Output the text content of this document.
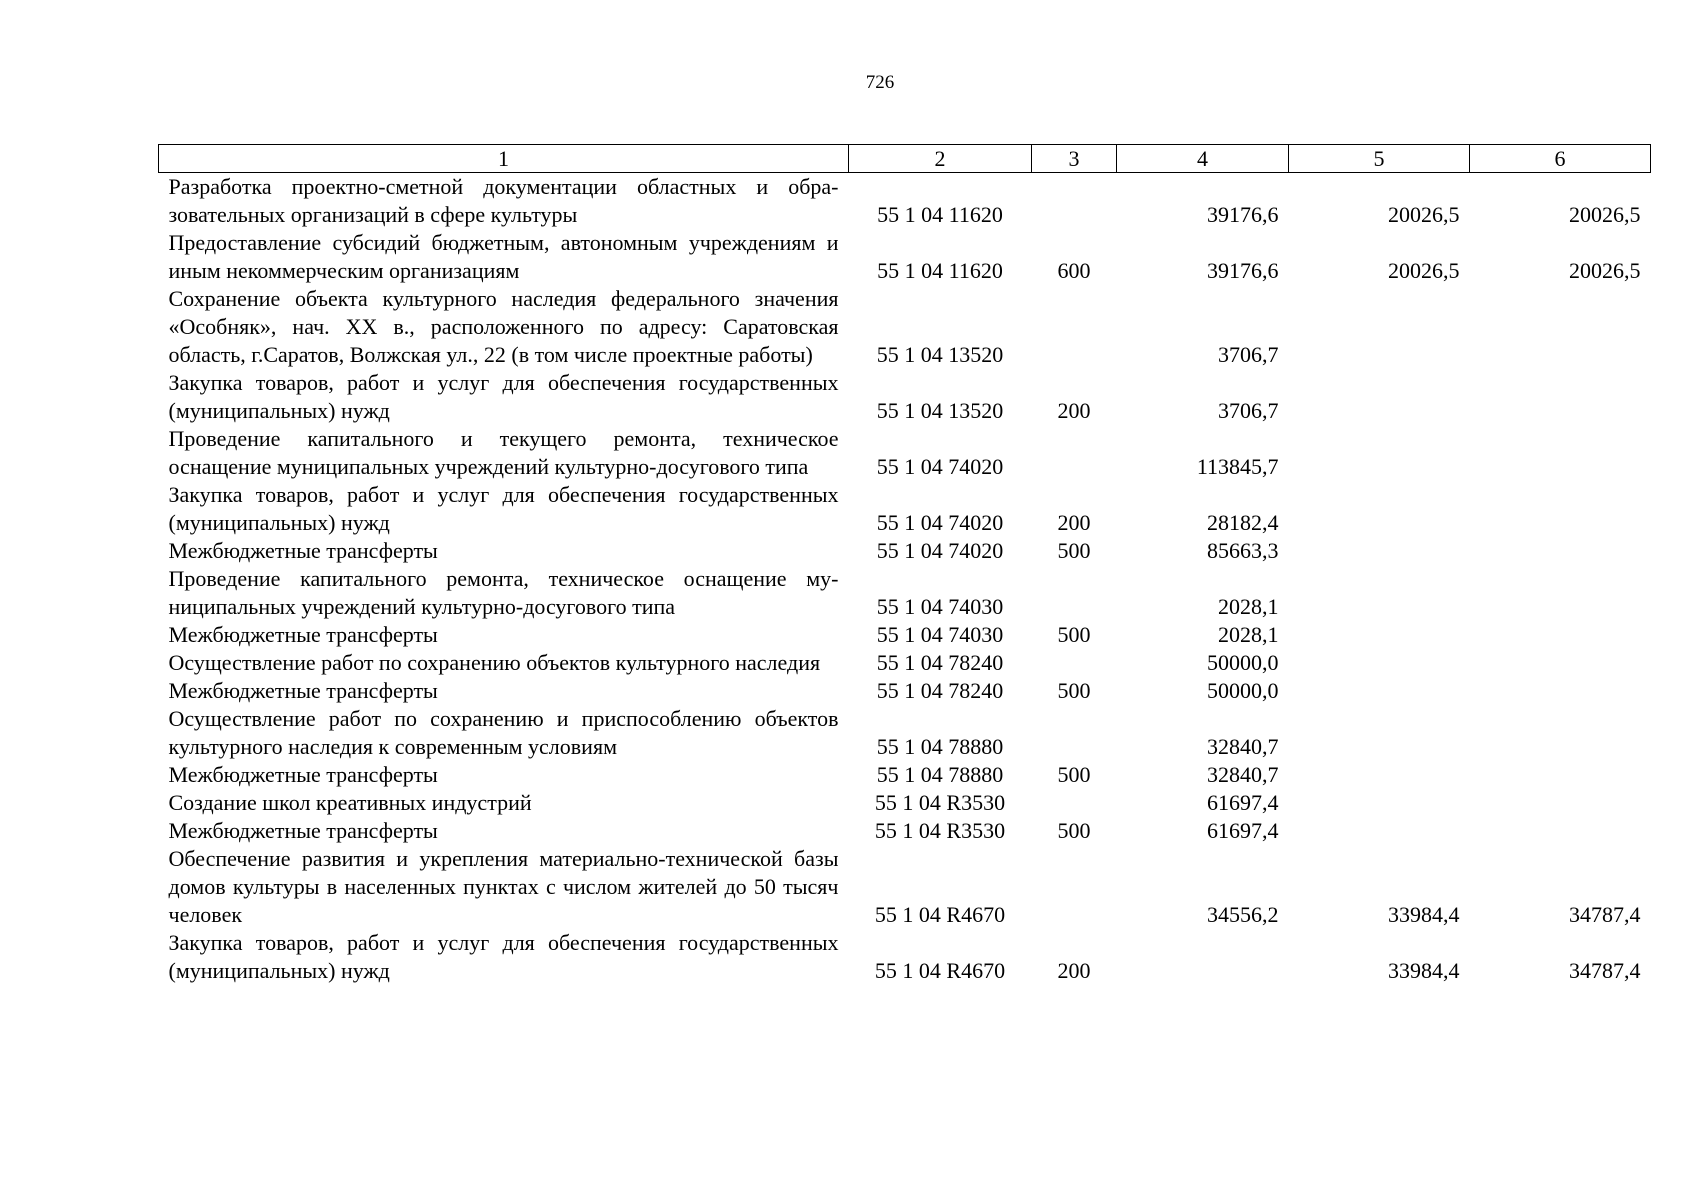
726
1	2	3	4	5	6
Разработка проектно-сметной документации областных и образовательных организаций в сфере культуры	55 1 04 11620		39176,6	20026,5	20026,5
Предоставление субсидий бюджетным, автономным учреждениям и иным некоммерческим организациям	55 1 04 11620	600	39176,6	20026,5	20026,5
Сохранение объекта культурного наследия федерального значения «Особняк», нач. XX в., расположенного по адресу: Саратовская область, г.Саратов, Волжская ул., 22 (в том числе проектные работы)	55 1 04 13520		3706,7		
Закупка товаров, работ и услуг для обеспечения государственных (муниципальных) нужд	55 1 04 13520	200	3706,7		
Проведение капитального и текущего ремонта, техническое оснащение муниципальных учреждений культурно-досугового типа	55 1 04 74020		113845,7		
Закупка товаров, работ и услуг для обеспечения государственных (муниципальных) нужд	55 1 04 74020	200	28182,4		
Межбюджетные трансферты	55 1 04 74020	500	85663,3		
Проведение капитального ремонта, техническое оснащение муниципальных учреждений культурно-досугового типа	55 1 04 74030		2028,1		
Межбюджетные трансферты	55 1 04 74030	500	2028,1		
Осуществление работ по сохранению объектов культурного наследия	55 1 04 78240		50000,0		
Межбюджетные трансферты	55 1 04 78240	500	50000,0		
Осуществление работ по сохранению и приспособлению объектов культурного наследия к современным условиям	55 1 04 78880		32840,7		
Межбюджетные трансферты	55 1 04 78880	500	32840,7		
Создание школ креативных индустрий	55 1 04 R3530		61697,4		
Межбюджетные трансферты	55 1 04 R3530	500	61697,4		
Обеспечение развития и укрепления материально-технической базы домов культуры в населенных пунктах с числом жителей до 50 тысяч человек	55 1 04 R4670		34556,2	33984,4	34787,4
Закупка товаров, работ и услуг для обеспечения государственных (муниципальных) нужд	55 1 04 R4670	200		33984,4	34787,4
